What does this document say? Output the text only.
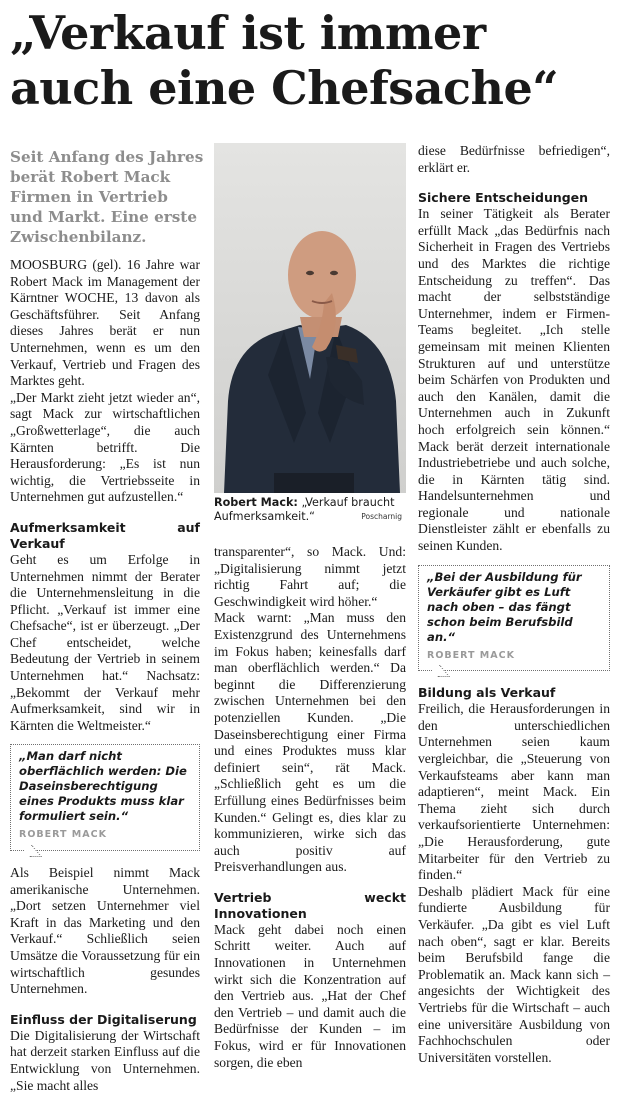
„Verkauf ist immer
auch eine Chefsache“
Seit Anfang des Jahres berät Robert Mack Firmen in Vertrieb und Markt. Eine erste Zwischenbilanz.

MOOSBURG (gel). 16 Jahre war Robert Mack im Management der Kärntner WOCHE, 13 davon als Geschäftsführer. Seit Anfang dieses Jahres berät er nun Unternehmen, wenn es um den Verkauf, Vertrieb und Fragen des Marktes geht.

„Der Markt zieht jetzt wieder an“, sagt Mack zur wirtschaftlichen „Großwetterlage“, die auch Kärnten betrifft. Die Herausforderung: „Es ist nun wichtig, die Vertriebsseite in Unternehmen gut aufzustellen.“

Aufmerksamkeit auf Verkauf

Geht es um Erfolge in Unternehmen nimmt der Berater die Unternehmensleitung in die Pflicht. „Verkauf ist immer eine Chefsache“, ist er überzeugt. „Der Chef entscheidet, welche Bedeutung der Vertrieb in seinem Unternehmen hat.“ Nachsatz: „Bekommt der Verkauf mehr Aufmerksamkeit, sind wir in Kärnten die Weltmeister.“

„Man darf nicht oberflächlich werden: Die Daseinsberechtigung eines Produkts muss klar formuliert sein.“
ROBERT MACK

Als Beispiel nimmt Mack amerikanische Unternehmen. „Dort setzen Unternehmer viel Kraft in das Marketing und den Verkauf.“ Schließlich seien Umsätze die Voraussetzung für ein wirtschaftlich gesundes Unternehmen.

Einfluss der Digitaliserung

Die Digitalisierung der Wirtschaft hat derzeit starken Einfluss auf die Entwicklung von Unternehmen. „Sie macht alles

Robert Mack: „Verkauf braucht Aufmerksamkeit.“	Poscharnig

transparenter“, so Mack. Und: „Digitalisierung nimmt jetzt richtig Fahrt auf; die Geschwindigkeit wird höher.“

Mack warnt: „Man muss den Existenzgrund des Unternehmens im Fokus haben; keinesfalls darf man oberflächlich werden.“ Da beginnt die Differenzierung zwischen Unternehmen bei den potenziellen Kunden. „Die Daseinsberechtigung einer Firma und eines Produktes muss klar definiert sein“, rät Mack. „Schließlich geht es um die Erfüllung eines Bedürfnisses beim Kunden.“ Gelingt es, dies klar zu kommunizieren, wirke sich das auch positiv auf Preisverhandlungen aus.

Vertrieb weckt Innovationen

Mack geht dabei noch einen Schritt weiter. Auch auf Innovationen in Unternehmen wirkt sich die Konzentration auf den Vertrieb aus. „Hat der Chef den Vertrieb – und damit auch die Bedürfnisse der Kunden – im Fokus, wird er für Innovationen sorgen, die eben

diese Bedürfnisse befriedigen“, erklärt er.

Sichere Entscheidungen

In seiner Tätigkeit als Berater erfüllt Mack „das Bedürfnis nach Sicherheit in Fragen des Vertriebs und des Marktes die richtige Entscheidung zu treffen“. Das macht der selbstständige Unternehmer, indem er Firmen-Teams begleitet. „Ich stelle gemeinsam mit meinen Klienten Strukturen auf und unterstütze beim Schärfen von Produkten und auch den Kanälen, damit die Unternehmen auch in Zukunft hoch erfolgreich sein können.“ Mack berät derzeit internationale Industriebetriebe und auch solche, die in Kärnten tätig sind. Handelsunternehmen und regionale und nationale Dienstleister zählt er ebenfalls zu seinen Kunden.

„Bei der Ausbildung für Verkäufer gibt es Luft nach oben – das fängt schon beim Berufsbild an.“
ROBERT MACK
Bildung als Verkauf

Freilich, die Herausforderungen in den unterschiedlichen Unternehmen seien kaum vergleichbar, die „Steuerung von Verkaufsteams aber kann man adaptieren“, meint Mack. Ein Thema zieht sich durch verkaufsorientierte Unternehmen: „Die Herausforderung, gute Mitarbeiter für den Vertrieb zu finden.“

Deshalb plädiert Mack für eine fundierte Ausbildung für Verkäufer. „Da gibt es viel Luft nach oben“, sagt er klar. Bereits beim Berufsbild fange die Problematik an. Mack kann sich – angesichts der Wichtigkeit des Vertriebs für die Wirtschaft – auch eine universitäre Ausbildung von Fachhochschulen oder Universitäten vorstellen.
